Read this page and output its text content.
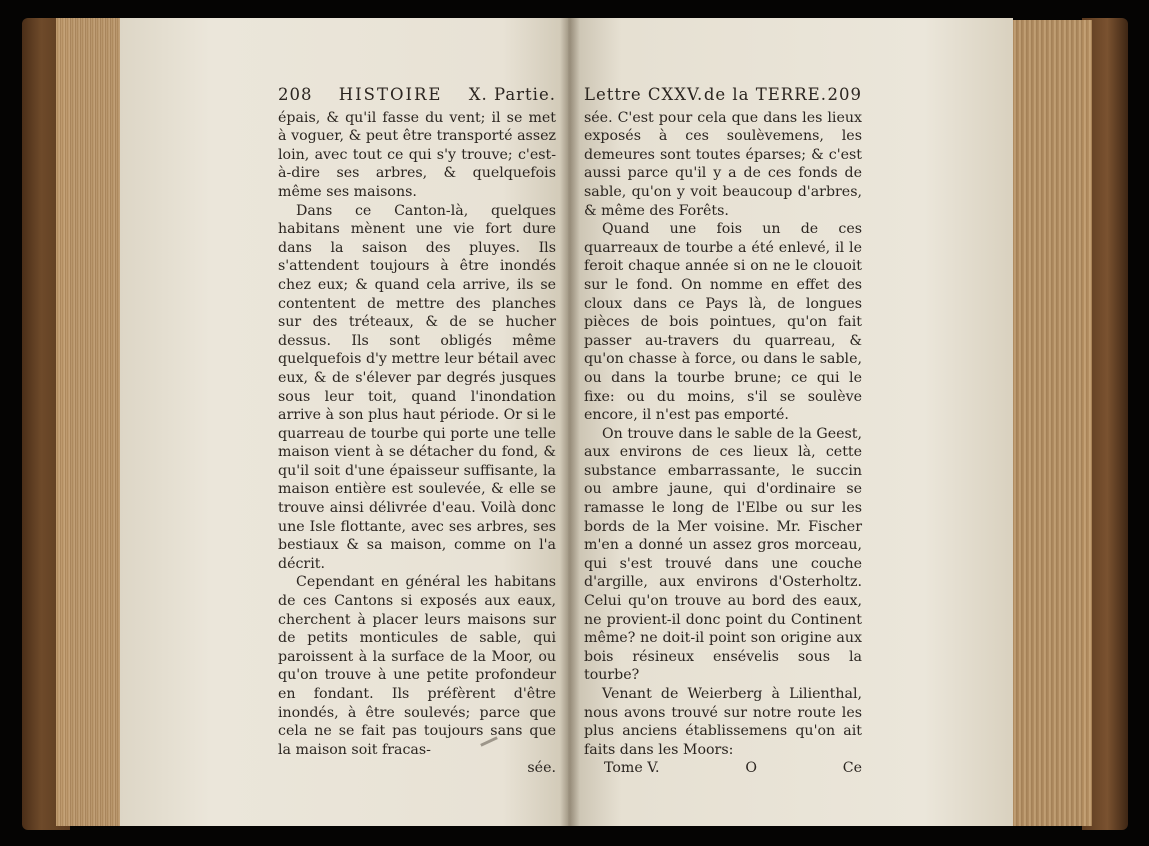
208 HISTOIRE X. Partie.

épais, & qu'il fasse du vent; il se met à voguer, & peut être transporté assez loin, avec tout ce qui s'y trouve; c'est-à-dire ses arbres, & quelquefois même ses maisons.

Dans ce Canton-là, quelques habitans mènent une vie fort dure dans la saison des pluyes. Ils s'attendent toujours à être inondés chez eux; & quand cela arrive, ils se contentent de mettre des planches sur des tréteaux, & de se hucher dessus. Ils sont obligés même quelquefois d'y mettre leur bétail avec eux, & de s'élever par degrés jusques sous leur toit, quand l'inondation arrive à son plus haut période. Or si le quarreau de tourbe qui porte une telle maison vient à se détacher du fond, & qu'il soit d'une épaisseur suffisante, la maison entière est soulevée, & elle se trouve ainsi délivrée d'eau. Voilà donc une Isle flottante, avec ses arbres, ses bestiaux & sa maison, comme on l'a décrit.

Cependant en général les habitans de ces Cantons si exposés aux eaux, cherchent à placer leurs maisons sur de petits monticules de sable, qui paroissent à la surface de la Moor, ou qu'on trouve à une petite profondeur en fondant. Ils préfèrent d'être inondés, à être soulevés; parce que cela ne se fait pas toujours sans que la maison soit fracas-

sée.
Lettre CXXV. de la TERRE. 209

sée. C'est pour cela que dans les lieux exposés à ces soulèvemens, les demeures sont toutes éparses; & c'est aussi parce qu'il y a de ces fonds de sable, qu'on y voit beaucoup d'arbres, & même des Forêts.

Quand une fois un de ces quarreaux de tourbe a été enlevé, il le feroit chaque année si on ne le clouoit sur le fond. On nomme en effet des cloux dans ce Pays là, de longues pièces de bois pointues, qu'on fait passer au-travers du quarreau, & qu'on chasse à force, ou dans le sable, ou dans la tourbe brune; ce qui le fixe: ou du moins, s'il se soulève encore, il n'est pas emporté.

On trouve dans le sable de la Geest, aux environs de ces lieux là, cette substance embarrassante, le succin ou ambre jaune, qui d'ordinaire se ramasse le long de l'Elbe ou sur les bords de la Mer voisine. Mr. Fischer m'en a donné un assez gros morceau, qui s'est trouvé dans une couche d'argille, aux environs d'Osterholtz. Celui qu'on trouve au bord des eaux, ne provient-il donc point du Continent même? ne doit-il point son origine aux bois résineux ensévelis sous la tourbe?

Venant de Weierberg à Lilienthal, nous avons trouvé sur notre route les plus anciens établissemens qu'on ait faits dans les Moors:

Tome V.	O	Ce
